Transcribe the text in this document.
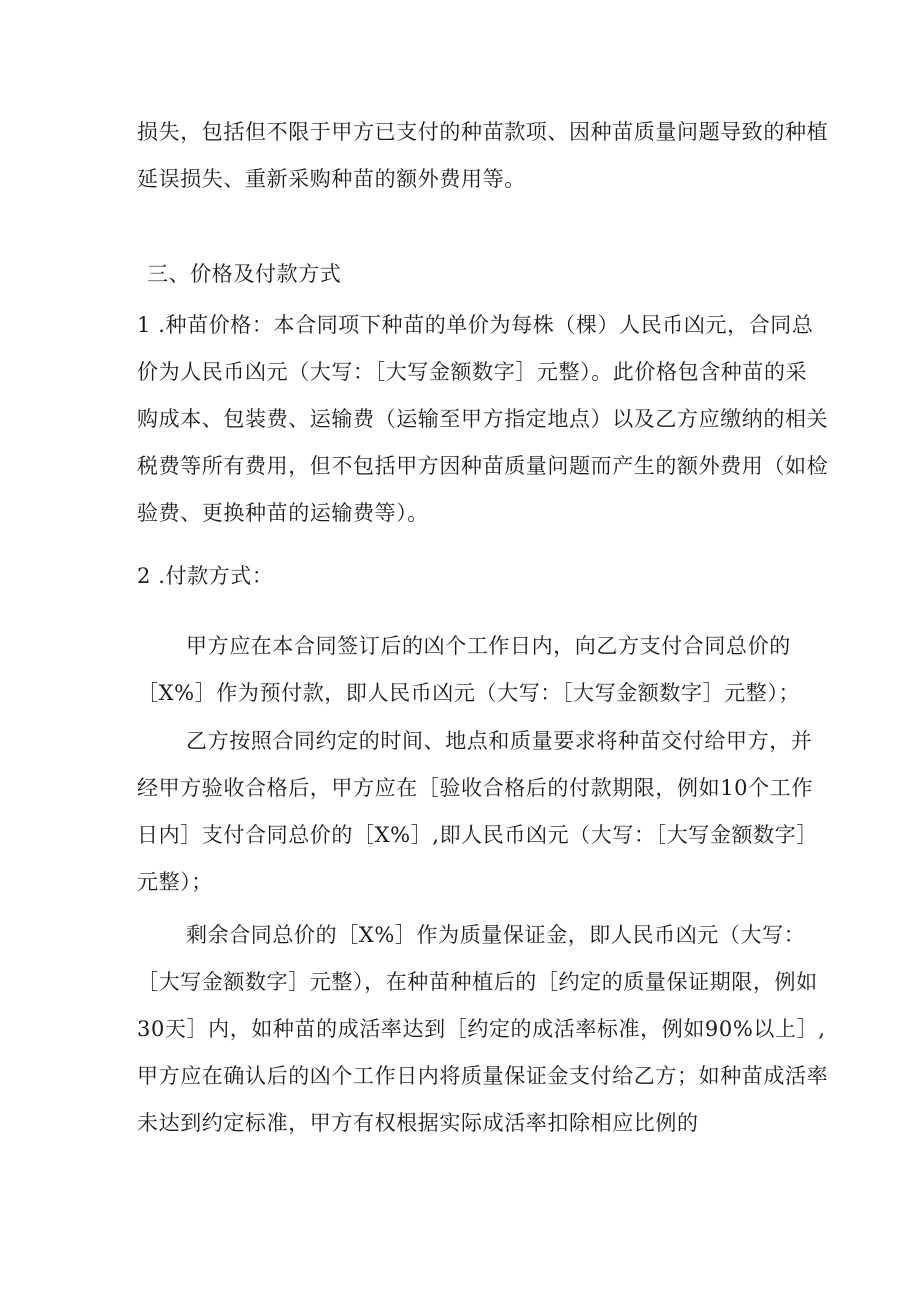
损失，包括但不限于甲方已支付的种苗款项、因种苗质量问题导致的种植
延误损失、重新采购种苗的额外费用等。
三、价格及付款方式
1 .种苗价格：本合同项下种苗的单价为每株（棵）人民币凶元，合同总
价为人民币凶元（大写：［大写金额数字］元整）。此价格包含种苗的采
购成本、包装费、运输费（运输至甲方指定地点）以及乙方应缴纳的相关
税费等所有费用，但不包括甲方因种苗质量问题而产生的额外费用（如检
验费、更换种苗的运输费等）。
2 .付款方式：
甲方应在本合同签订后的凶个工作日内，向乙方支付合同总价的
［X%］作为预付款，即人民币凶元（大写：［大写金额数字］元整）；
乙方按照合同约定的时间、地点和质量要求将种苗交付给甲方，并
经甲方验收合格后，甲方应在［验收合格后的付款期限，例如10个工作
日内］支付合同总价的［X%］,即人民币凶元（大写：［大写金额数字］
元整）；
剩余合同总价的［X%］作为质量保证金，即人民币凶元（大写：
［大写金额数字］元整），在种苗种植后的［约定的质量保证期限，例如
30天］内，如种苗的成活率达到［约定的成活率标准，例如90%以上］,
甲方应在确认后的凶个工作日内将质量保证金支付给乙方；如种苗成活率
未达到约定标准，甲方有权根据实际成活率扣除相应比例的
